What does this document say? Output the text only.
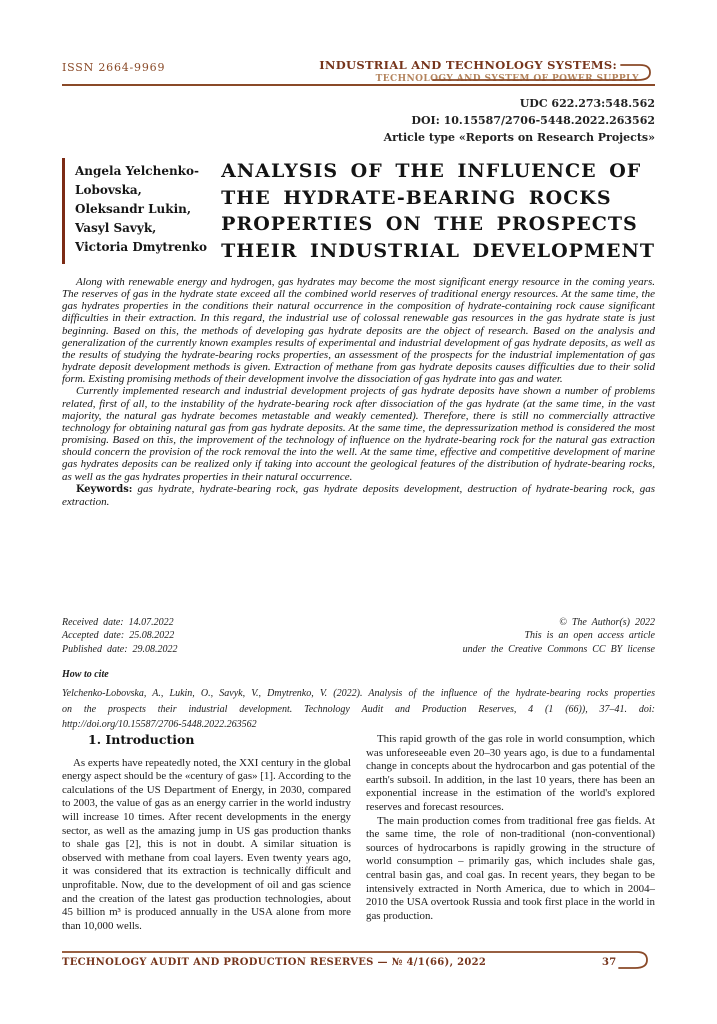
ISSN 2664-9969	INDUSTRIAL AND TECHNOLOGY SYSTEMS:
TECHNOLOGY AND SYSTEM OF POWER SUPPLY
UDC 622.273:548.562
DOI: 10.15587/2706-5448.2022.263562
Article type «Reports on Research Projects»
Angela Yelchenko-Lobovska,
Oleksandr Lukin,
Vasyl Savyk,
Victoria Dmytrenko
ANALYSIS OF THE INFLUENCE OF
THE HYDRATE-BEARING ROCKS
PROPERTIES ON THE PROSPECTS
THEIR INDUSTRIAL DEVELOPMENT

Along with renewable energy and hydrogen, gas hydrates may become the most significant energy resource in the coming years. The reserves of gas in the hydrate state exceed all the combined world reserves of traditional energy resources. At the same time, the gas hydrates properties in the conditions their natural occurrence in the composition of hydrate-containing rock cause significant difficulties in their extraction. In this regard, the industrial use of colossal renewable gas resources in the gas hydrate state is just beginning. Based on this, the methods of developing gas hydrate deposits are the object of research. Based on the analysis and generalization of the currently known examples results of experimental and industrial development of gas hydrate deposits, as well as the results of studying the hydrate-bearing rocks properties, an assessment of the prospects for the industrial implementation of gas hydrate deposit development methods is given. Extraction of methane from gas hydrate deposits causes difficulties due to their solid form. Existing promising methods of their development involve the dissociation of gas hydrate into gas and water.

Currently implemented research and industrial development projects of gas hydrate deposits have shown a number of problems related, first of all, to the instability of the hydrate-bearing rock after dissociation of the gas hydrate (at the same time, in the vast majority, the natural gas hydrate becomes metastable and weakly cemented). Therefore, there is still no commercially attractive technology for obtaining natural gas from gas hydrate deposits. At the same time, the depressurization method is considered the most promising. Based on this, the improvement of the technology of influence on the hydrate-bearing rock for the natural gas extraction should concern the provision of the rock removal the into the well. At the same time, effective and competitive development of marine gas hydrates deposits can be realized only if taking into account the geological features of the distribution of hydrate-bearing rocks, as well as the gas hydrates properties in their natural occurrence.

Keywords: gas hydrate, hydrate-bearing rock, gas hydrate deposits development, destruction of hydrate-bearing rock, gas extraction.

Received date: 14.07.2022
Accepted date: 25.08.2022
Published date: 29.08.2022
© The Author(s) 2022
This is an open access article
under the Creative Commons CC BY license
How to cite
Yelchenko-Lobovska, A., Lukin, O., Savyk, V., Dmytrenko, V. (2022). Analysis of the influence of the hydrate-bearing rocks properties on the prospects their industrial development. Technology Audit and Production Reserves, 4 (1 (66)), 37–41. doi: http://doi.org/10.15587/2706-5448.2022.263562
1. Introduction

As experts have repeatedly noted, the XXI century in the global energy aspect should be the «century of gas» [1]. According to the calculations of the US Department of Energy, in 2030, compared to 2003, the value of gas as an energy carrier in the world industry will increase 10 times. After recent developments in the energy sector, as well as the amazing jump in US gas production thanks to shale gas [2], this is not in doubt. A similar situation is observed with methane from coal layers. Even twenty years ago, it was considered that its extraction is technically difficult and unprofitable. Now, due to the development of oil and gas science and the creation of the latest gas production technologies, about 45 billion m³ is produced annually in the USA alone from more than 10,000 wells.

This rapid growth of the gas role in world consumption, which was unforeseeable even 20–30 years ago, is due to a fundamental change in concepts about the hydrocarbon and gas potential of the earth's subsoil. In addition, in the last 10 years, there has been an exponential increase in the estimation of the world's explored reserves and forecast resources.

The main production comes from traditional free gas fields. At the same time, the role of non-traditional (non-conventional) sources of hydrocarbons is rapidly growing in the structure of world consumption – primarily gas, which includes shale gas, central basin gas, and coal gas. In recent years, they began to be intensively extracted in North America, due to which in 2004–2010 the USA overtook Russia and took first place in the world in gas production.

TECHNOLOGY AUDIT AND PRODUCTION RESERVES — № 4/1(66), 2022	37
